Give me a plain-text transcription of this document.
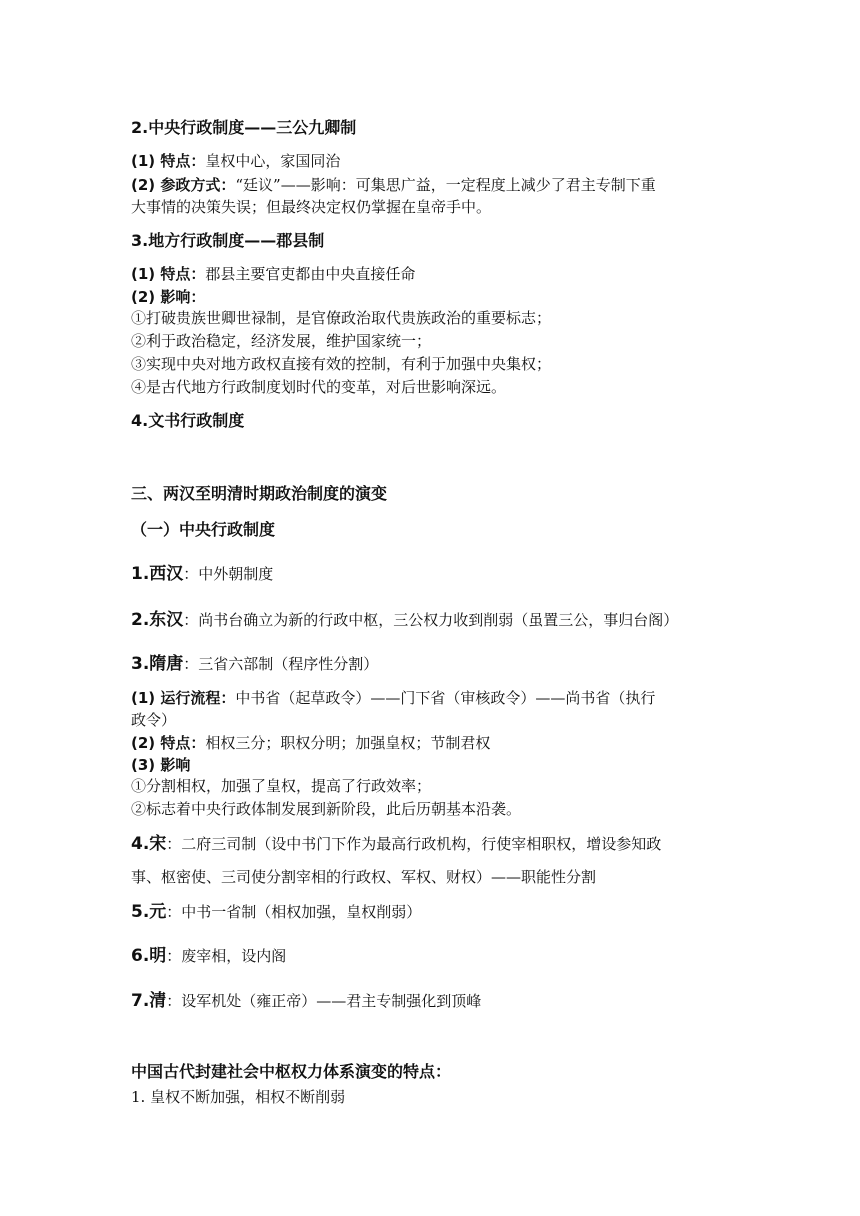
2.中央行政制度——三公九卿制
(1) 特点：皇权中心，家国同治
(2) 参政方式：“廷议”——影响：可集思广益，一定程度上减少了君主专制下重
大事情的决策失误；但最终决定权仍掌握在皇帝手中。
3.地方行政制度——郡县制
(1) 特点：郡县主要官吏都由中央直接任命
(2) 影响：
①打破贵族世卿世禄制，是官僚政治取代贵族政治的重要标志；
②利于政治稳定，经济发展，维护国家统一；
③实现中央对地方政权直接有效的控制，有利于加强中央集权；
④是古代地方行政制度划时代的变革，对后世影响深远。
4.文书行政制度
三、两汉至明清时期政治制度的演变
（一）中央行政制度
1.西汉：中外朝制度
2.东汉：尚书台确立为新的行政中枢，三公权力收到削弱（虽置三公，事归台阁）
3.隋唐：三省六部制（程序性分割）
(1) 运行流程：中书省（起草政令）——门下省（审核政令）——尚书省（执行
政令）
(2) 特点：相权三分；职权分明；加强皇权；节制君权
(3) 影响
①分割相权，加强了皇权，提高了行政效率；
②标志着中央行政体制发展到新阶段，此后历朝基本沿袭。
4.宋：二府三司制（设中书门下作为最高行政机构，行使宰相职权，增设参知政
事、枢密使、三司使分割宰相的行政权、军权、财权）——职能性分割
5.元：中书一省制（相权加强，皇权削弱）
6.明：废宰相，设内阁
7.清：设军机处（雍正帝）——君主专制强化到顶峰
中国古代封建社会中枢权力体系演变的特点：
1. 皇权不断加强，相权不断削弱
